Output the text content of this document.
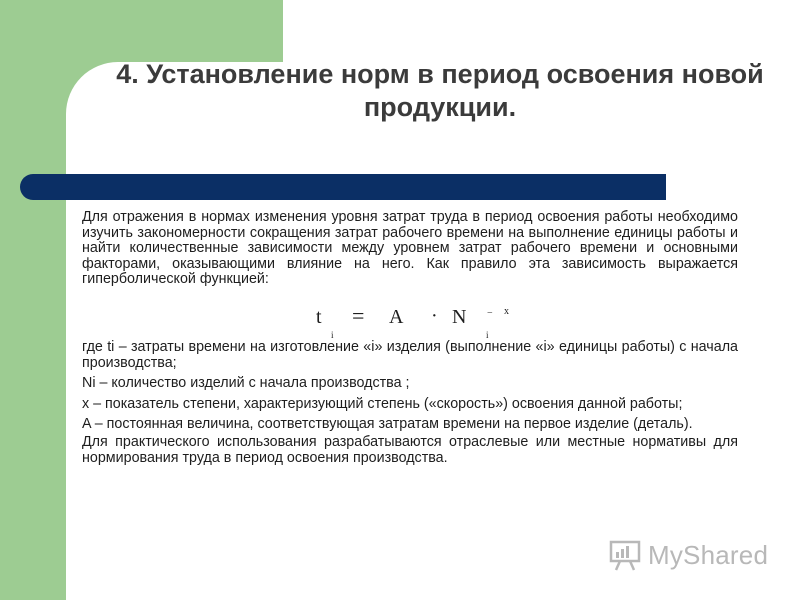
4. Установление норм в период освоения новой продукции.

Для отражения в нормах изменения уровня затрат труда в период освоения работы необходимо изучить закономерности сокращения затрат рабочего времени на выполнение единицы работы и найти количественные зависимости между уровнем затрат рабочего времени и основными факторами, оказывающими влияние на него. Как правило эта зависимость выражается гиперболической функцией:

t
i
= A · N
i
− x

где ti – затраты времени на изготовление «i» изделия (выполнение «i» единицы работы) с начала производства;

Ni – количество изделий с начала производства ;

x – показатель степени, характеризующий степень («скорость») освоения данной работы;

A – постоянная величина, соответствующая затратам времени на первое изделие (деталь).

Для практического использования разрабатываются отраслевые или местные нормативы для нормирования труда в период освоения производства.

MyShared
